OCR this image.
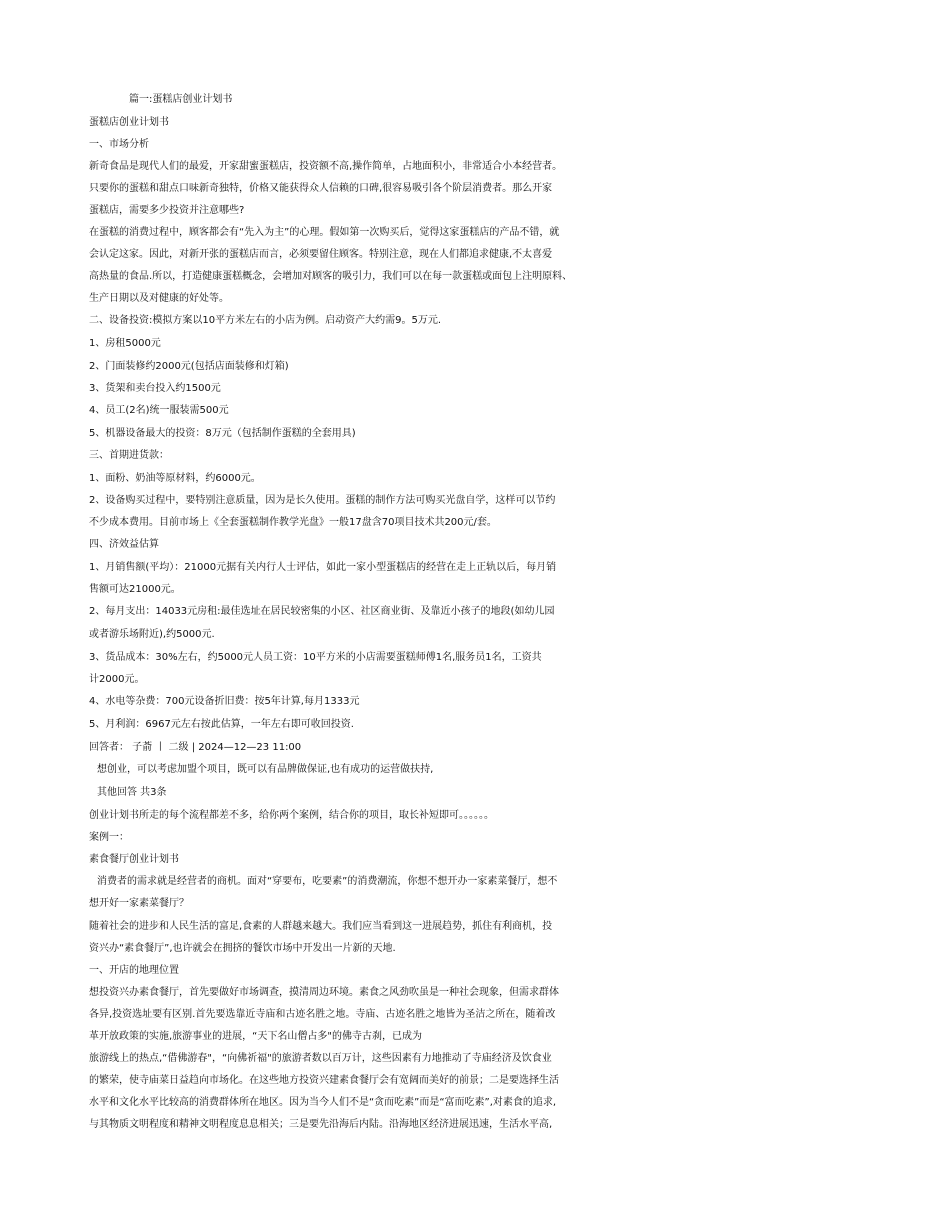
篇一:蛋糕店创业计划书

蛋糕店创业计划书

一、市场分析

新奇食品是现代人们的最爱，开家甜蜜蛋糕店，投资额不高,操作简单，占地面积小，非常适合小本经营者。

只要你的蛋糕和甜点口味新奇独特，价格又能获得众人信赖的口碑,很容易吸引各个阶层消费者。那么开家

蛋糕店，需要多少投资并注意哪些?

在蛋糕的消费过程中，顾客都会有“先入为主”的心理。假如第一次购买后，觉得这家蛋糕店的产品不错，就

会认定这家。因此，对新开张的蛋糕店而言，必须要留住顾客。特别注意，现在人们都追求健康,不太喜爱

高热量的食品.所以，打造健康蛋糕概念，会增加对顾客的吸引力，我们可以在每一款蛋糕或面包上注明原料、

生产日期以及对健康的好处等。

二、设备投资:模拟方案以10平方米左右的小店为例。启动资产大约需9。5万元.

1、房租5000元

2、门面装修约2000元(包括店面装修和灯箱)

3、货架和卖台投入约1500元

4、员工(2名)统一服装需500元

5、机器设备最大的投资：8万元（包括制作蛋糕的全套用具)

三、首期进货款：

1、面粉、奶油等原材料，约6000元。

2、设备购买过程中，要特别注意质量，因为是长久使用。蛋糕的制作方法可购买光盘自学，这样可以节约

不少成本费用。目前市场上《全套蛋糕制作教学光盘》一般17盘含70项目技术共200元/套。

四、济效益估算

1、月销售额(平均）：21000元据有关内行人士评估，如此一家小型蛋糕店的经营在走上正轨以后，每月销

售额可达21000元。

2、每月支出：14033元房租:最佳选址在居民较密集的小区、社区商业街、及靠近小孩子的地段(如幼儿园

或者游乐场附近),约5000元.

3、货品成本：30%左右，约5000元人员工资：10平方米的小店需要蛋糕师傅1名,服务员1名，工资共

计2000元。

4、水电等杂费：700元设备折旧费：按5年计算,每月1333元

5、月利润：6967元左右按此估算，一年左右即可收回投资.

回答者： 子萮 丨 二级 | 2024—12—23 11:00

想创业，可以考虑加盟个项目，既可以有品牌做保证,也有成功的运营做扶持,

其他回答 共3条

创业计划书所走的每个流程都差不多，给你两个案例，结合你的项目，取长补短即可。。。。。。

案例一：

素食餐厅创业计划书

消费者的需求就是经营者的商机。面对“穿要布，吃要素”的消费潮流，你想不想开办一家素菜餐厅，想不

想开好一家素菜餐厅？

随着社会的进步和人民生活的富足,食素的人群越来越大。我们应当看到这一进展趋势，抓住有利商机，投

资兴办“素食餐厅”,也许就会在拥挤的餐饮市场中开发出一片新的天地.

一、开店的地理位置

想投资兴办素食餐厅，首先要做好市场调查，摸清周边环境。素食之风劲吹虽是一种社会现象，但需求群体

各异,投资选址要有区别.首先要选靠近寺庙和古迹名胜之地。寺庙、古迹名胜之地皆为圣洁之所在，随着改

革开放政策的实施,旅游事业的进展，“天下名山僧占多"的佛寺古刹，已成为

旅游线上的热点,“借佛游春"，“向佛祈福"的旅游者数以百万计，这些因素有力地推动了寺庙经济及饮食业

的繁荣，使寺庙菜日益趋向市场化。在这些地方投资兴建素食餐厅会有宽阔而美好的前景；二是要选择生活

水平和文化水平比较高的消费群体所在地区。因为当今人们不是“贪而吃素”而是“富而吃素”,对素食的追求,

与其物质文明程度和精神文明程度息息相关；三是要先沿海后内陆。沿海地区经济进展迅速，生活水平高,
